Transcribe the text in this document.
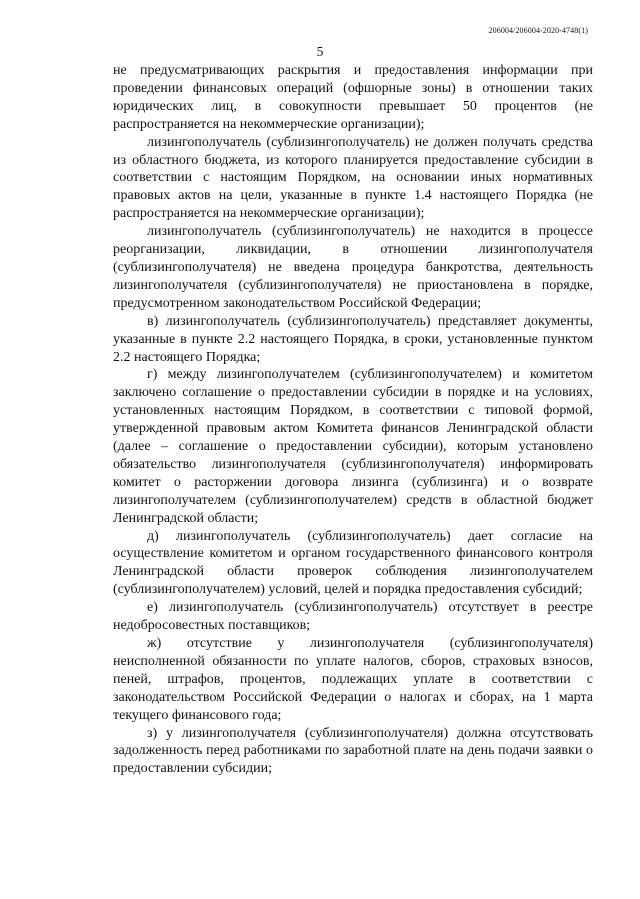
206004/206004-2020-4748(1)
5

не предусматривающих раскрытия и предоставления информации при проведении финансовых операций (офшорные зоны) в отношении таких юридических лиц, в совокупности превышает 50 процентов (не распространяется на некоммерческие организации);

лизингополучатель (сублизингополучатель) не должен получать средства из областного бюджета, из которого планируется предоставление субсидии в соответствии с настоящим Порядком, на основании иных нормативных правовых актов на цели, указанные в пункте 1.4 настоящего Порядка (не распространяется на некоммерческие организации);

лизингополучатель (сублизингополучатель) не находится в процессе реорганизации, ликвидации, в отношении лизингополучателя (сублизингополучателя) не введена процедура банкротства, деятельность лизингополучателя (сублизингополучателя) не приостановлена в порядке, предусмотренном законодательством Российской Федерации;

в) лизингополучатель (сублизингополучатель) представляет документы, указанные в пункте 2.2 настоящего Порядка, в сроки, установленные пунктом 2.2 настоящего Порядка;

г) между лизингополучателем (сублизингополучателем) и комитетом заключено соглашение о предоставлении субсидии в порядке и на условиях, установленных настоящим Порядком, в соответствии с типовой формой, утвержденной правовым актом Комитета финансов Ленинградской области (далее – соглашение о предоставлении субсидии), которым установлено обязательство лизингополучателя (сублизингополучателя) информировать комитет о расторжении договора лизинга (сублизинга) и о возврате лизингополучателем (сублизингополучателем) средств в областной бюджет Ленинградской области;

д) лизингополучатель (сублизингополучатель) дает согласие на осуществление комитетом и органом государственного финансового контроля Ленинградской области проверок соблюдения лизингополучателем (сублизингополучателем) условий, целей и порядка предоставления субсидий;

е) лизингополучатель (сублизингополучатель) отсутствует в реестре недобросовестных поставщиков;

ж) отсутствие у лизингополучателя (сублизингополучателя) неисполненной обязанности по уплате налогов, сборов, страховых взносов, пеней, штрафов, процентов, подлежащих уплате в соответствии с законодательством Российской Федерации о налогах и сборах, на 1 марта текущего финансового года;

з) у лизингополучателя (сублизингополучателя) должна отсутствовать задолженность перед работниками по заработной плате на день подачи заявки о предоставлении субсидии;
